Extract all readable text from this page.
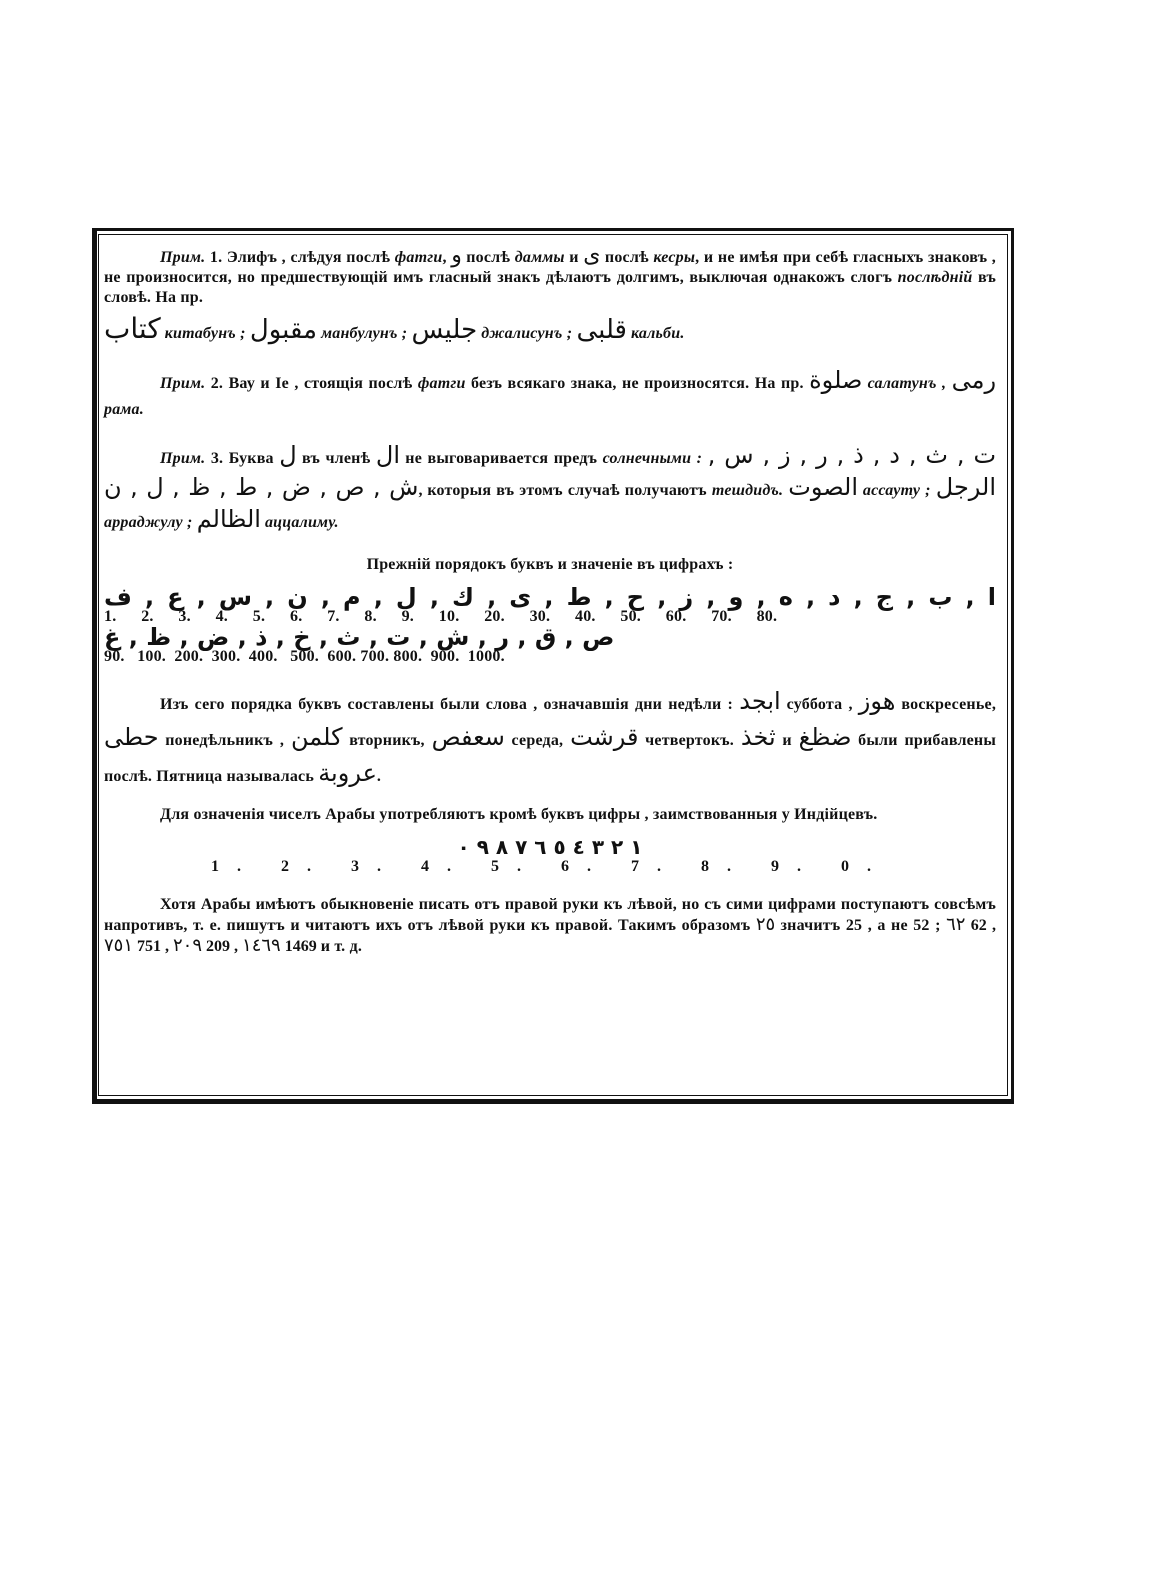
Прим. 1. Элифъ , слѣдуя послѣ фатги, و послѣ даммы и ى послѣ кесры, и не имѣя при себѣ гласныхъ знаковъ , не произносится, но предшествующій имъ гласный знакъ дѣлаютъ долгимъ, выключая однакожъ слогъ послѣдній въ словѣ. На пр.

كتاب китабунъ ; مقبول манбулунъ ; جليس джалисунъ ; قلبى кальби.

Прим. 2. Вау и Іе , стоящія послѣ фатги безъ всякаго знака, не произносятся. На пр. صلوة салатунъ , رمى рама.

Прим. 3. Буква ل въ членѣ ال не выговаривается предъ солнечными : ت , ث , د , ذ , ر , ز , س , ش , ص , ض , ط , ظ , ل , ن, которыя въ этомъ случаѣ получаютъ тешдидъ. الصوت ассауту ; الرجل арраджулу ; الظالم аццалиму.

Прежній порядокъ буквъ и значеніе въ цифрахъ :

ا , ب , ج , د , ه , و , ز , ح , ط , ى , ك , ل , م , ن , س , ع , ف

1.    2.    3.    4.    5.    6.    7.    8.    9.    10.    20.    30.    40.    50.    60.    70.    80.

ص , ق , ر , ش , ت , ث , خ , ذ , ض , ظ , غ

90.   100.  200.  300.  400.   500.  600. 700. 800.  900.  1000.

Изъ сего порядка буквъ составлены были слова , означавшія дни недѣли : ابجد суббота , هوز воскресенье, حطى понедѣльникъ , كلمن вторникъ, سعفص середа, قرشت четвертокъ. ثخذ и ضظغ были прибавлены послѣ. Пятница называлась عروبة.

Для означенія чиселъ Арабы употребляютъ кромѣ буквъ цифры , заимствованныя у Индійцевъ.

١ ٢ ٣ ٤ ٥ ٦ ٧ ٨ ٩ ٠

1. 2. 3. 4. 5. 6. 7. 8. 9. 0.

Хотя Арабы имѣютъ обыкновеніе писать отъ правой руки къ лѣвой, но съ сими цифрами поступаютъ совсѣмъ напротивъ, т. е. пишутъ и читаютъ ихъ отъ лѣвой руки къ правой. Такимъ образомъ ٢٥ значитъ 25 , а не 52 ; ٦٢ 62 , ٧٥١ 751 , ٢٠٩ 209 , ١٤٦٩ 1469 и т. д.
